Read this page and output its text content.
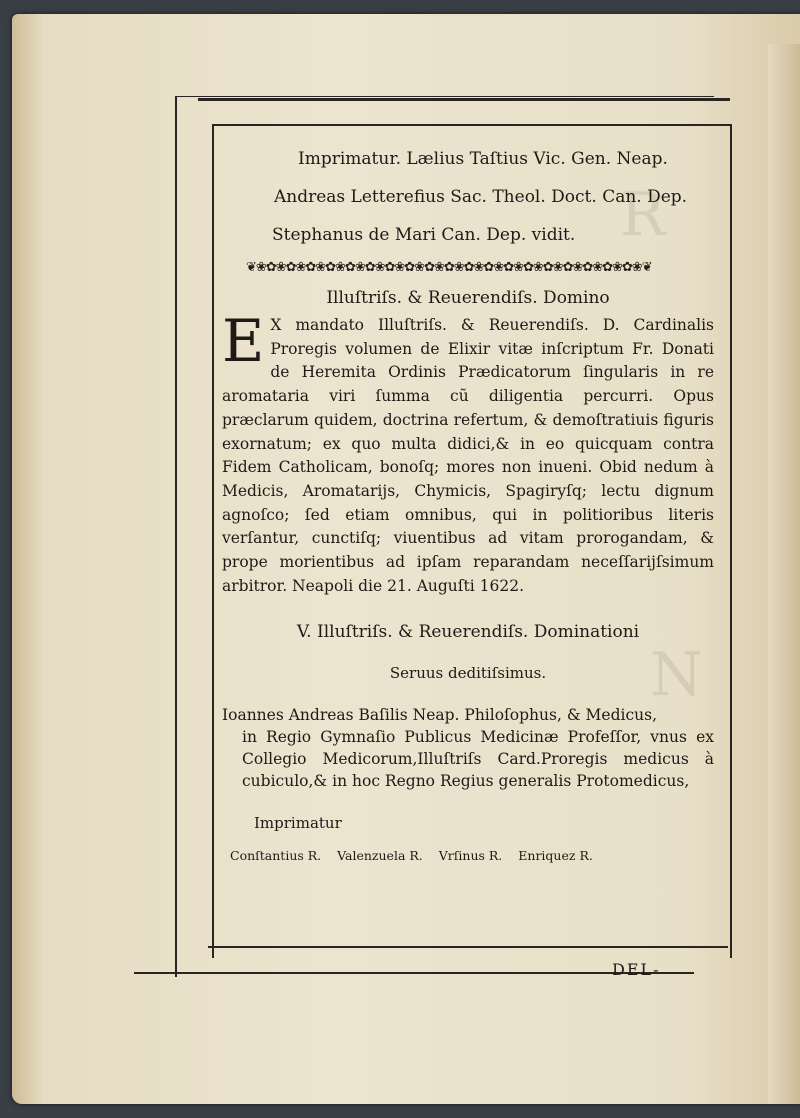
R
N
Imprimatur. Lælius Taſtius Vic. Gen. Neap.
Andreas Letterefius Sac. Theol. Doct. Can. Dep.
Stephanus de Mari Can. Dep. vidit.
❦❀✿❀✿❀✿❀✿❀✿❀✿❀✿❀✿❀✿❀✿❀✿❀✿❀✿❀✿❀✿❀✿❀✿❀✿❀✿❀❦
Illuſtriſs. & Reuerendiſs. Domino

E X mandato Illuſtriſs. & Reuerendiſs. D. Cardinalis Proregis volumen de Elixir vitæ inſcriptum Fr. Donati de Heremita Ordinis Prædicatorum ſingularis in re aromataria viri ſumma cũ diligentia percurri. Opus præclarum quidem, doctrina refertum, & demoſtratiuis figuris exornatum; ex quo multa didici,& in eo quicquam contra Fidem Catholicam, bonoſq; mores non inueni. Obid nedum à Medicis, Aromatarijs, Chymicis, Spagiryſq; lectu dignum agnoſco; ſed etiam omnibus, qui in politioribus literis verſantur, cunctiſq; viuentibus ad vitam prorogandam, & prope morientibus ad ipſam reparandam neceſſarijſsimum arbitror. Neapoli die 21. Auguſti 1622.

V. Illuſtriſs. & Reuerendiſs. Dominationi
Seruus deditiſsimus.
Ioannes Andreas Baſilis Neap. Philoſophus, & Medicus,
in Regio Gymnaſio Publicus Medicinæ Profeſſor, vnus ex Collegio Medicorum,Illuſtriſs Card.Proregis medicus à cubiculo,& in hoc Regno Regius generalis Protomedicus,
Imprimatur
Conſtantius R. Valenzuela R. Vrſinus R. Enriquez R.
DEL-
